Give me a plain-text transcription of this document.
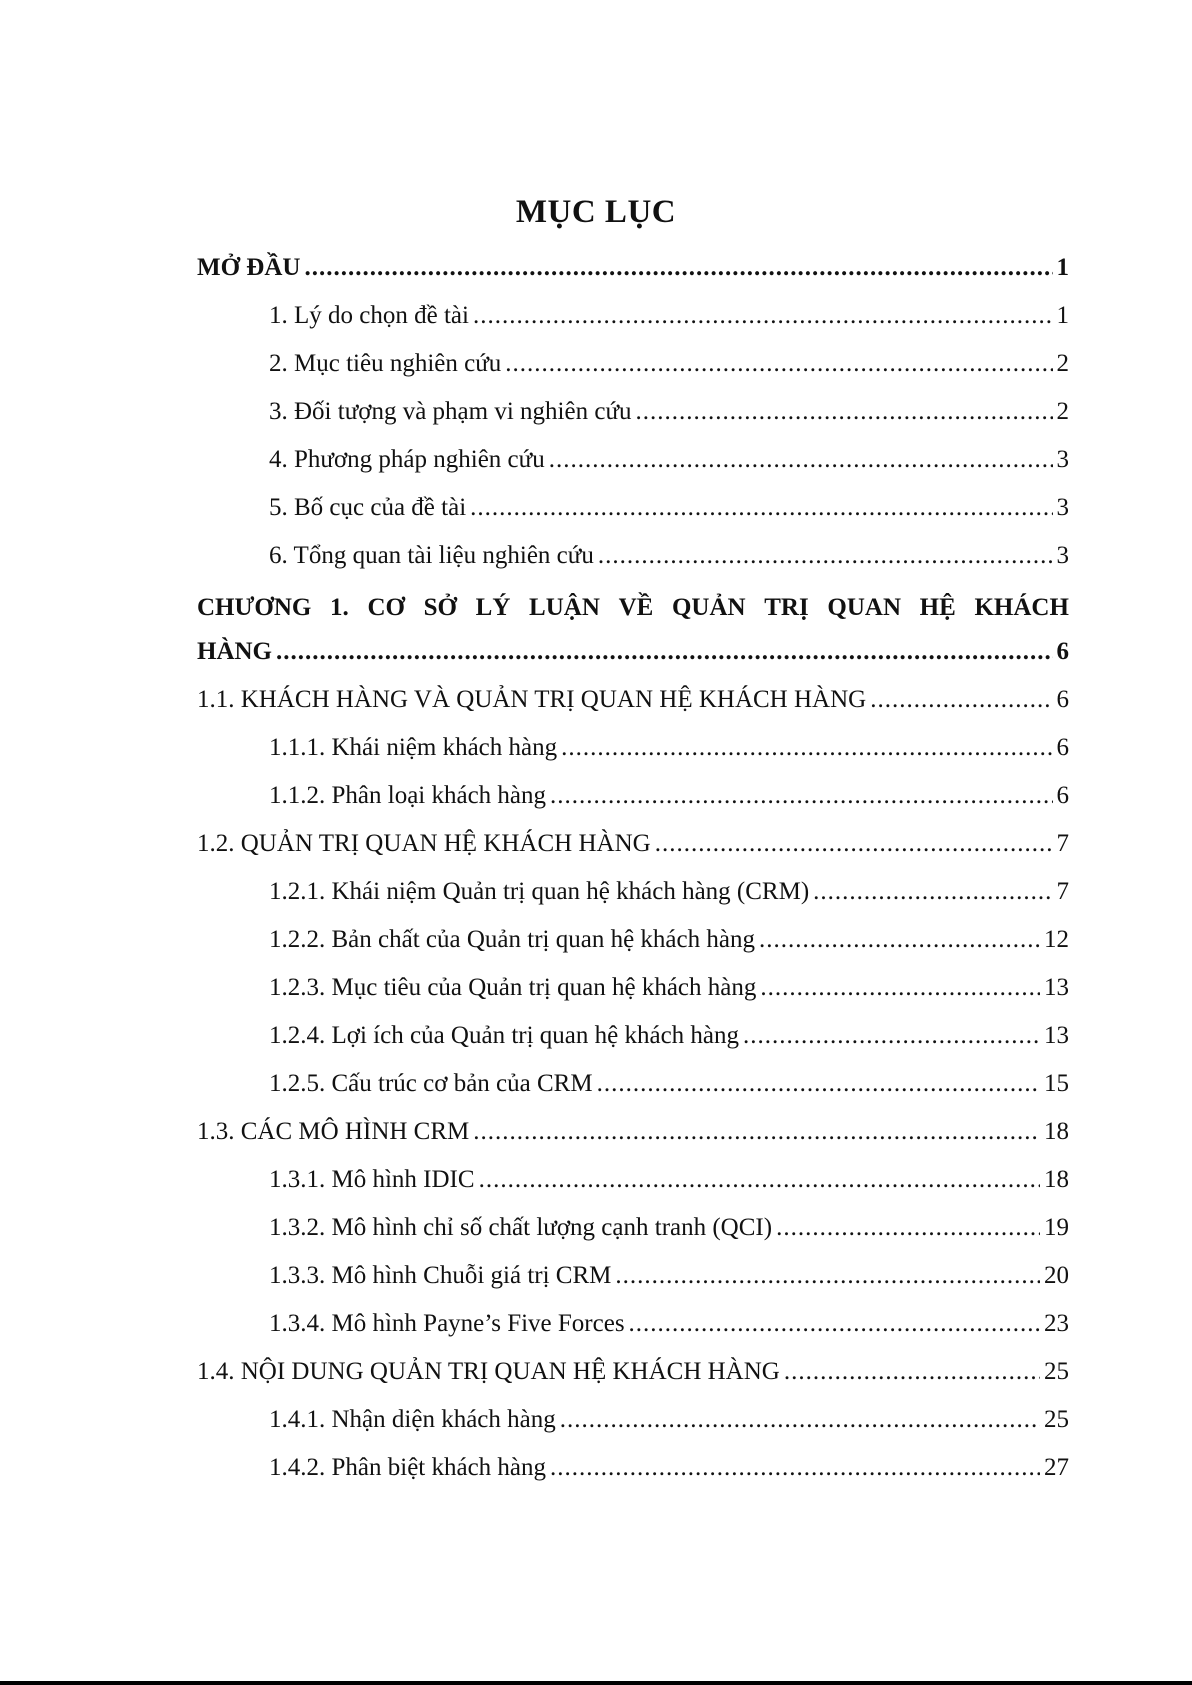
MỤC LỤC
MỞ ĐẦU .....	1
1. Lý do chọn đề tài .....	1
2. Mục tiêu nghiên cứu .....	2
3. Đối tượng và phạm vi nghiên cứu .....	2
4. Phương pháp nghiên cứu .....	3
5. Bố cục của đề tài .....	3
6. Tổng quan tài liệu nghiên cứu .....	3
CHƯƠNG 1. CƠ SỞ LÝ LUẬN VỀ QUẢN TRỊ QUAN HỆ KHÁCH
HÀNG .....	6
1.1. KHÁCH HÀNG VÀ QUẢN TRỊ QUAN HỆ KHÁCH HÀNG .....	6
1.1.1. Khái niệm khách hàng .....	6
1.1.2. Phân loại khách hàng .....	6
1.2. QUẢN TRỊ QUAN HỆ KHÁCH HÀNG .....	7
1.2.1. Khái niệm Quản trị quan hệ khách hàng (CRM) .....	7
1.2.2. Bản chất của Quản trị quan hệ khách hàng .....	12
1.2.3. Mục tiêu của Quản trị quan hệ khách hàng .....	13
1.2.4. Lợi ích của Quản trị quan hệ khách hàng .....	13
1.2.5. Cấu trúc cơ bản của CRM .....	15
1.3. CÁC MÔ HÌNH CRM .....	18
1.3.1. Mô hình IDIC .....	18
1.3.2. Mô hình chỉ số chất lượng cạnh tranh (QCI) .....	19
1.3.3. Mô hình Chuỗi giá trị CRM .....	20
1.3.4. Mô hình Payne’s Five Forces .....	23
1.4. NỘI DUNG QUẢN TRỊ QUAN HỆ KHÁCH HÀNG .....	25
1.4.1. Nhận diện khách hàng .....	25
1.4.2. Phân biệt khách hàng .....	27
